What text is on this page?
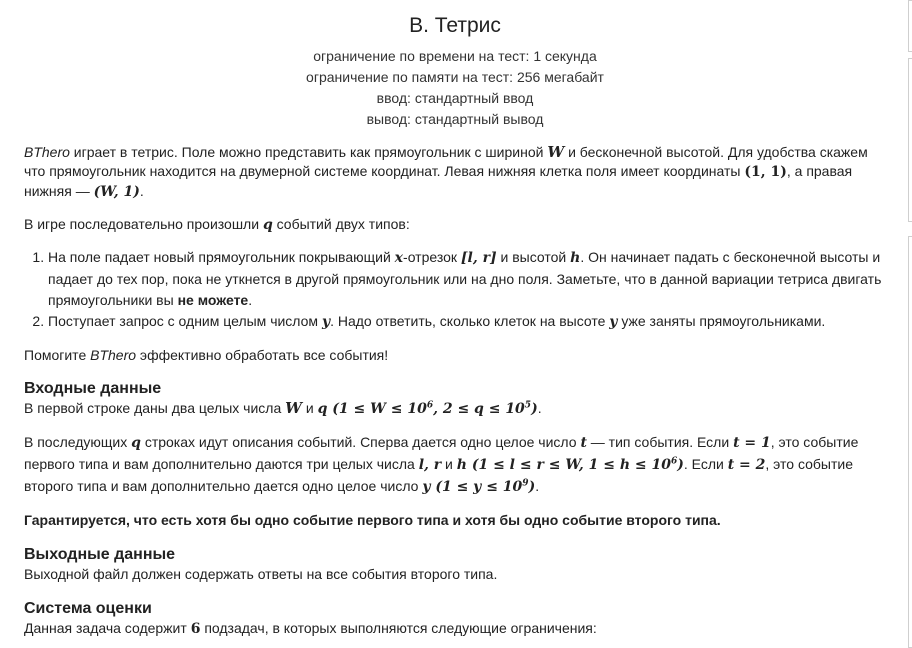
B. Тетрис
ограничение по времени на тест: 1 секунда
ограничение по памяти на тест: 256 мегабайт
ввод: стандартный ввод
вывод: стандартный вывод

BThero играет в тетрис. Поле можно представить как прямоугольник с шириной W и бесконечной высотой. Для удобства скажем что прямоугольник находится на двумерной системе координат. Левая нижняя клетка поля имеет координаты (1, 1), а правая нижняя — (W, 1).

В игре последовательно произошли q событий двух типов:

1. На поле падает новый прямоугольник покрывающий x-отрезок [l, r] и высотой h. Он начинает падать с бесконечной высоты и падает до тех пор, пока не уткнется в другой прямоугольник или на дно поля. Заметьте, что в данной вариации тетриса двигать прямоугольники вы не можете.
2. Поступает запрос с одним целым числом y. Надо ответить, сколько клеток на высоте y уже заняты прямоугольниками.

Помогите BThero эффективно обработать все события!

Входные данные

В первой строке даны два целых числа W и q ($1 \le W \le 10^6$, $2 \le q \le 10^5$).

В последующих q строках идут описания событий. Сперва дается одно целое число t — тип события. Если t = 1, это событие первого типа и вам дополнительно даются три целых числа l, r и h (1 ≤ l ≤ r ≤ W, $1 \le h \le 10^6$). Если t = 2, это событие второго типа и вам дополнительно дается одно целое число y $(1 \le y \le 10^9)$.

Гарантируется, что есть хотя бы одно событие первого типа и хотя бы одно событие второго типа.

Выходные данные

Выходной файл должен содержать ответы на все события второго типа.

Система оценки

Данная задача содержит 6 подзадач, в которых выполняются следующие ограничения:
